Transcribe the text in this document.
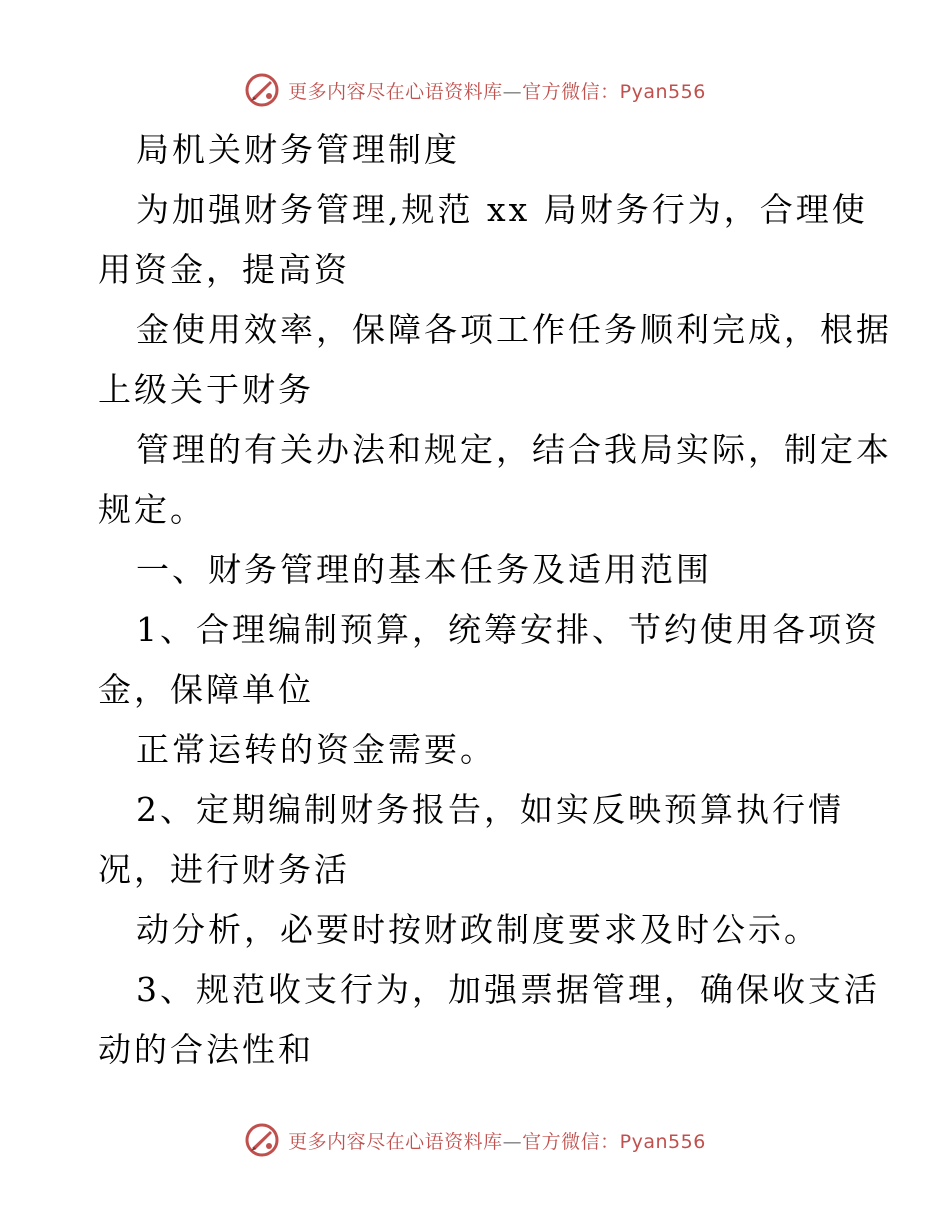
更多内容尽在心语资料库—官方微信：Pyan556
局机关财务管理制度
为加强财务管理,规范 xx 局财务行为，合理使
用资金，提高资
金使用效率，保障各项工作任务顺利完成，根据
上级关于财务
管理的有关办法和规定，结合我局实际，制定本
规定。
一、财务管理的基本任务及适用范围
1、合理编制预算，统筹安排、节约使用各项资
金，保障单位
正常运转的资金需要。
2、定期编制财务报告，如实反映预算执行情
况，进行财务活
动分析，必要时按财政制度要求及时公示。
3、规范收支行为，加强票据管理，确保收支活
动的合法性和
更多内容尽在心语资料库—官方微信：Pyan556
